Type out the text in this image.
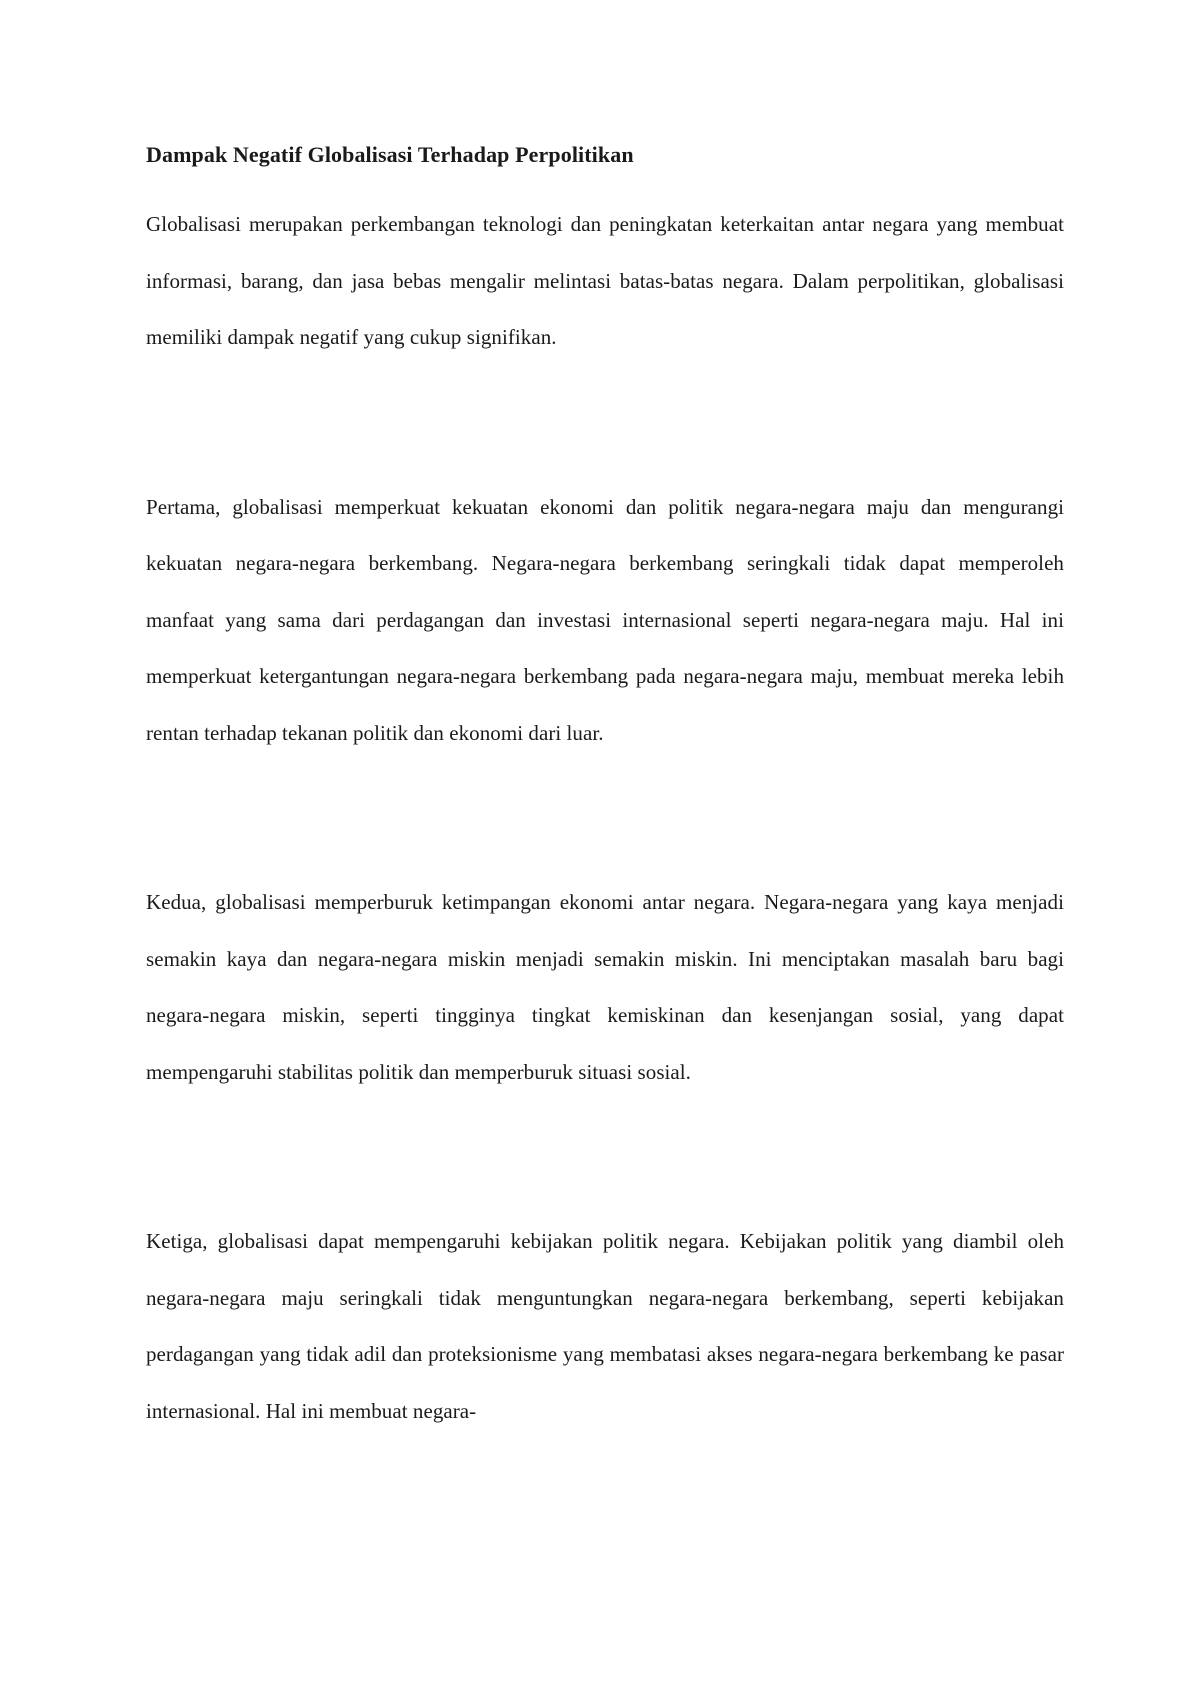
Dampak Negatif Globalisasi Terhadap Perpolitikan

Globalisasi merupakan perkembangan teknologi dan peningkatan keterkaitan antar negara yang membuat informasi, barang, dan jasa bebas mengalir melintasi batas-batas negara. Dalam perpolitikan, globalisasi memiliki dampak negatif yang cukup signifikan.

Pertama, globalisasi memperkuat kekuatan ekonomi dan politik negara-negara maju dan mengurangi kekuatan negara-negara berkembang. Negara-negara berkembang seringkali tidak dapat memperoleh manfaat yang sama dari perdagangan dan investasi internasional seperti negara-negara maju. Hal ini memperkuat ketergantungan negara-negara berkembang pada negara-negara maju, membuat mereka lebih rentan terhadap tekanan politik dan ekonomi dari luar.

Kedua, globalisasi memperburuk ketimpangan ekonomi antar negara. Negara-negara yang kaya menjadi semakin kaya dan negara-negara miskin menjadi semakin miskin. Ini menciptakan masalah baru bagi negara-negara miskin, seperti tingginya tingkat kemiskinan dan kesenjangan sosial, yang dapat mempengaruhi stabilitas politik dan memperburuk situasi sosial.

Ketiga, globalisasi dapat mempengaruhi kebijakan politik negara. Kebijakan politik yang diambil oleh negara-negara maju seringkali tidak menguntungkan negara-negara berkembang, seperti kebijakan perdagangan yang tidak adil dan proteksionisme yang membatasi akses negara-negara berkembang ke pasar internasional. Hal ini membuat negara-
